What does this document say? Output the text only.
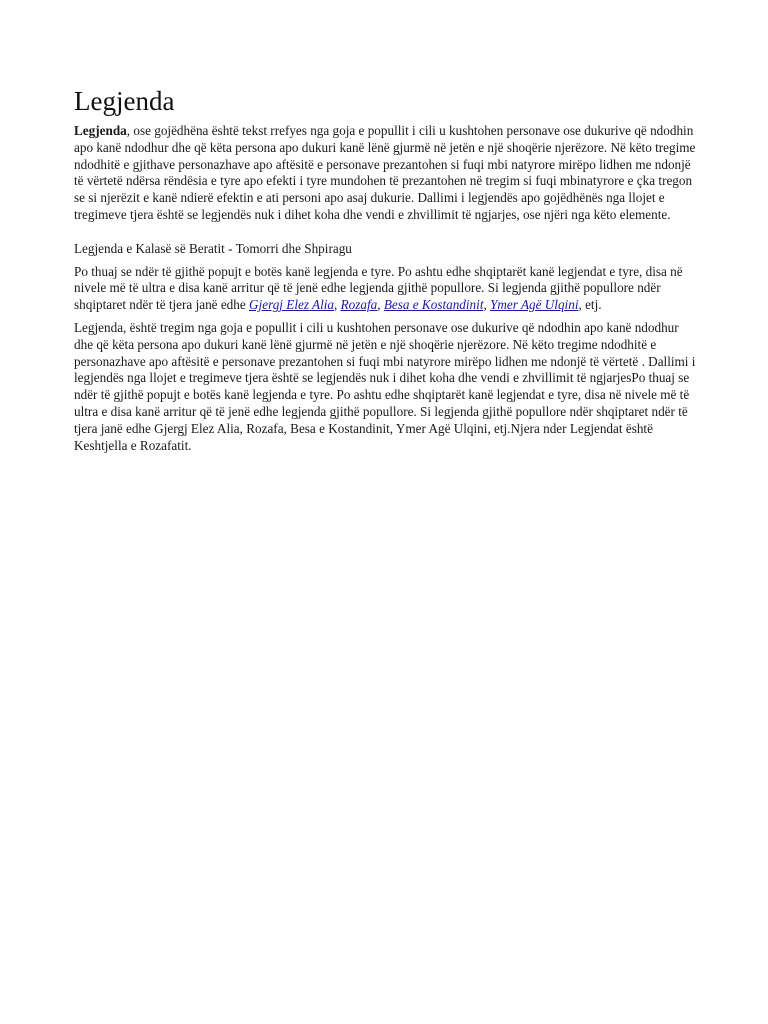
Legjenda

Legjenda, ose gojëdhëna është tekst rrefyes nga goja e popullit i cili u kushtohen personave ose dukurive që ndodhin apo kanë ndodhur dhe që këta persona apo dukuri kanë lënë gjurmë në jetën e një shoqërie njerëzore. Në këto tregime ndodhitë e gjithave personazhave apo aftësitë e personave prezantohen si fuqi mbi natyrore mirëpo lidhen me ndonjë të vërtetë ndërsa rëndësia e tyre apo efekti i tyre mundohen të prezantohen në tregim si fuqi mbinatyrore e çka tregon se si njerëzit e kanë ndierë efektin e ati personi apo asaj dukurie. Dallimi i legjendës apo gojëdhënës nga llojet e tregimeve tjera është se legjendës nuk i dihet koha dhe vendi e zhvillimit të ngjarjes, ose njëri nga këto elemente.

Legjenda e Kalasë së Beratit - Tomorri dhe Shpiragu

Po thuaj se ndër të gjithë popujt e botës kanë legjenda e tyre. Po ashtu edhe shqiptarët kanë legjendat e tyre, disa në nivele më të ultra e disa kanë arritur që të jenë edhe legjenda gjithë popullore. Si legjenda gjithë popullore ndër shqiptaret ndër të tjera janë edhe Gjergj Elez Alia, Rozafa, Besa e Kostandinit, Ymer Agë Ulqini, etj.

Legjenda, është tregim nga goja e popullit i cili u kushtohen personave ose dukurive që ndodhin apo kanë ndodhur dhe që këta persona apo dukuri kanë lënë gjurmë në jetën e një shoqërie njerëzore. Në këto tregime ndodhitë e personazhave apo aftësitë e personave prezantohen si fuqi mbi natyrore mirëpo lidhen me ndonjë të vërtetë . Dallimi i legjendës nga llojet e tregimeve tjera është se legjendës nuk i dihet koha dhe vendi e zhvillimit të ngjarjesPo thuaj se ndër të gjithë popujt e botës kanë legjenda e tyre. Po ashtu edhe shqiptarët kanë legjendat e tyre, disa në nivele më të ultra e disa kanë arritur që të jenë edhe legjenda gjithë popullore. Si legjenda gjithë popullore ndër shqiptaret ndër të tjera janë edhe Gjergj Elez Alia, Rozafa, Besa e Kostandinit, Ymer Agë Ulqini, etj.Njera nder Legjendat është Keshtjella e Rozafatit.
